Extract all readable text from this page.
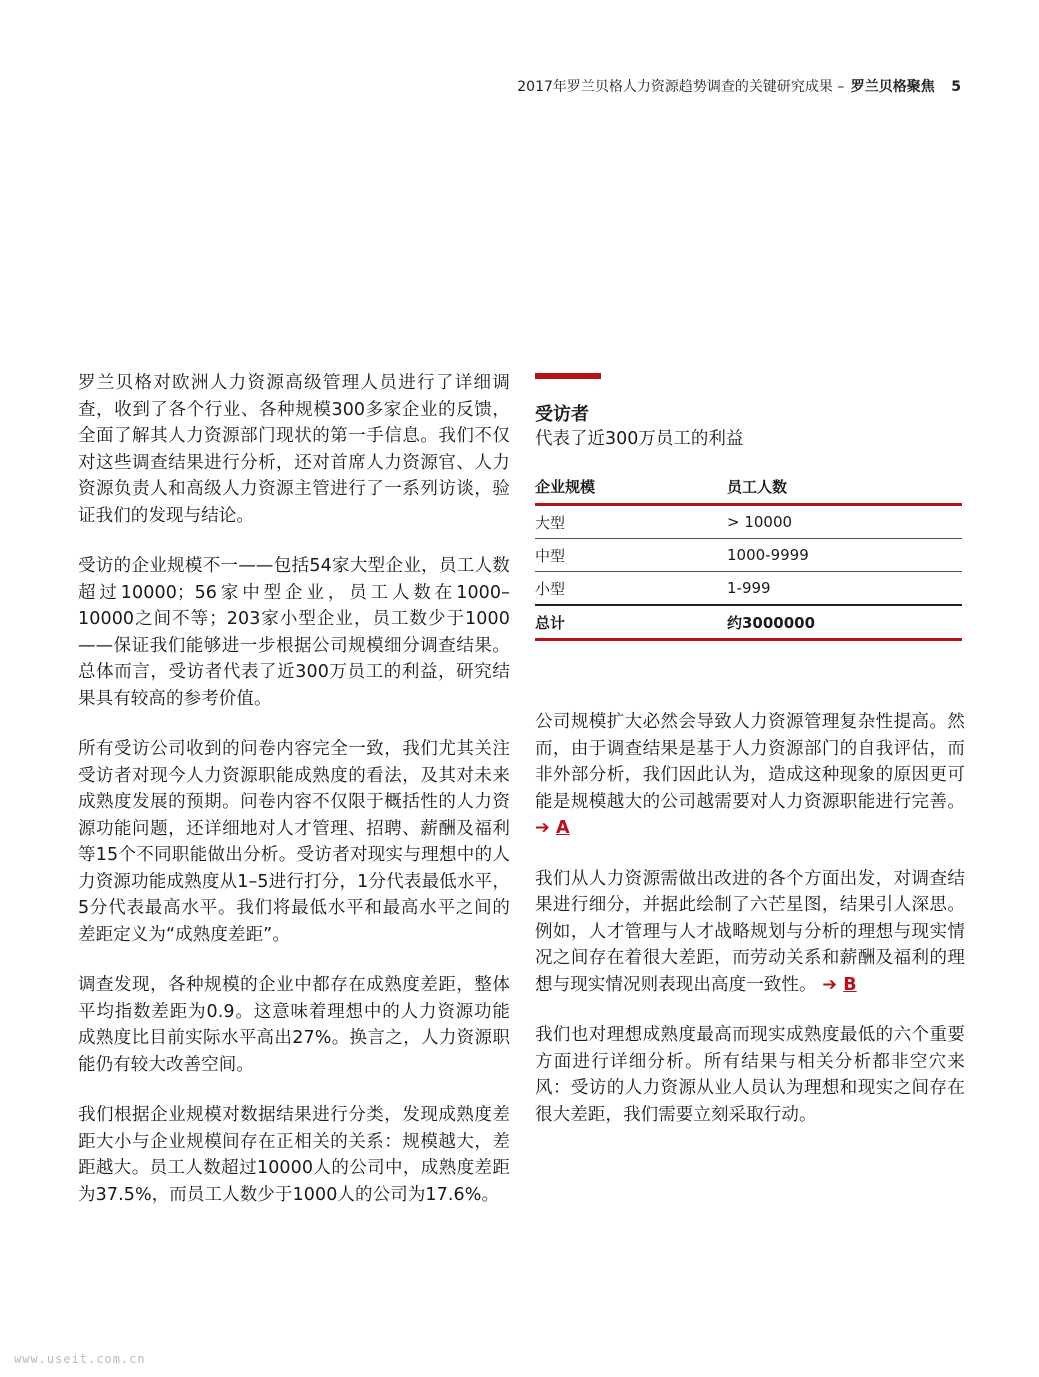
2017年罗兰贝格人力资源趋势调查的关键研究成果 – 罗兰贝格聚焦 5

罗兰贝格对欧洲人力资源高级管理人员进行了详细调查，收到了各个行业、各种规模300多家企业的反馈，全面了解其人力资源部门现状的第一手信息。我们不仅对这些调查结果进行分析，还对首席人力资源官、人力资源负责人和高级人力资源主管进行了一系列访谈，验证我们的发现与结论。

受访的企业规模不一——包括54家大型企业，员工人数超过10000；56家中型企业，员工人数在1000–10000之间不等；203家小型企业，员工数少于1000——保证我们能够进一步根据公司规模细分调查结果。总体而言，受访者代表了近300万员工的利益，研究结果具有较高的参考价值。

所有受访公司收到的问卷内容完全一致，我们尤其关注受访者对现今人力资源职能成熟度的看法，及其对未来成熟度发展的预期。问卷内容不仅限于概括性的人力资源功能问题，还详细地对人才管理、招聘、薪酬及福利等15个不同职能做出分析。受访者对现实与理想中的人力资源功能成熟度从1–5进行打分，1分代表最低水平，5分代表最高水平。我们将最低水平和最高水平之间的差距定义为“成熟度差距”。

调查发现，各种规模的企业中都存在成熟度差距，整体平均指数差距为0.9。这意味着理想中的人力资源功能成熟度比目前实际水平高出27%。换言之，人力资源职能仍有较大改善空间。

我们根据企业规模对数据结果进行分类，发现成熟度差距大小与企业规模间存在正相关的关系：规模越大，差距越大。员工人数超过10000人的公司中，成熟度差距为37.5%，而员工人数少于1000人的公司为17.6%。

受访者
代表了近300万员工的利益
企业规模	员工人数
大型	> 10000
中型	1000-9999
小型	1-999
总计	约3000000

公司规模扩大必然会导致人力资源管理复杂性提高。然而，由于调查结果是基于人力资源部门的自我评估，而非外部分析，我们因此认为，造成这种现象的原因更可能是规模越大的公司越需要对人力资源职能进行完善。 ➔ A

我们从人力资源需做出改进的各个方面出发，对调查结果进行细分，并据此绘制了六芒星图，结果引人深思。例如，人才管理与人才战略规划与分析的理想与现实情况之间存在着很大差距，而劳动关系和薪酬及福利的理想与现实情况则表现出高度一致性。 ➔ B

我们也对理想成熟度最高而现实成熟度最低的六个重要方面进行详细分析。所有结果与相关分析都非空穴来风：受访的人力资源从业人员认为理想和现实之间存在很大差距，我们需要立刻采取行动。

www.useit.com.cn
